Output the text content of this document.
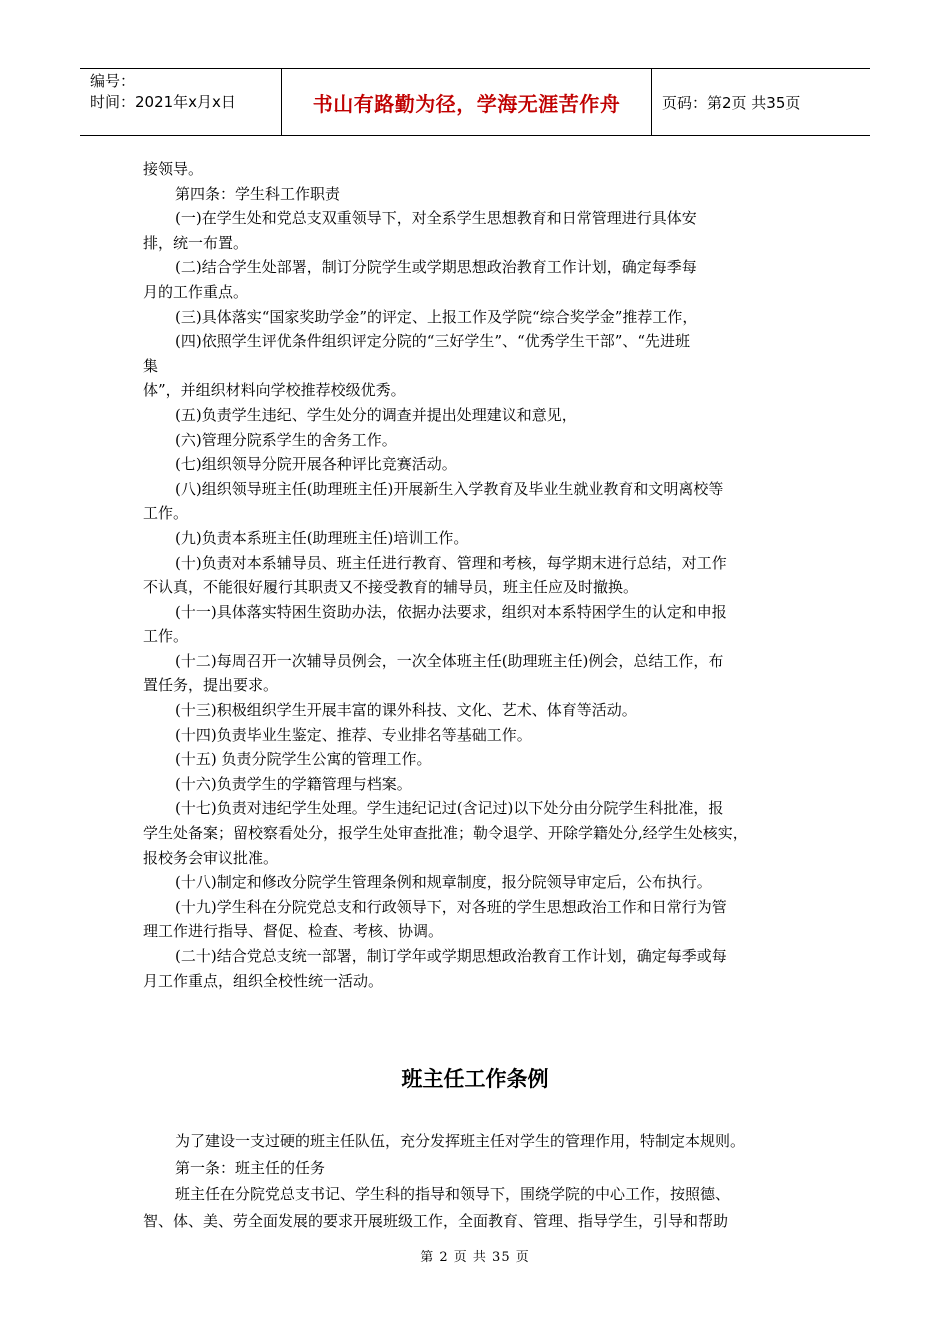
编号：
时间：2021年x月x日	书山有路勤为径，学海无涯苦作舟	页码：第2页 共35页

接领导。

第四条：学生科工作职责

(一)在学生处和党总支双重领导下，对全系学生思想教育和日常管理进行具体安

排，统一布置。

(二)结合学生处部署，制订分院学生或学期思想政治教育工作计划，确定每季每

月的工作重点。

(三)具体落实“国家奖助学金”的评定、上报工作及学院“综合奖学金”推荐工作，

(四)依照学生评优条件组织评定分院的“三好学生”、“优秀学生干部”、“先进班

集

体”，并组织材料向学校推荐校级优秀。

(五)负责学生违纪、学生处分的调查并提出处理建议和意见，

(六)管理分院系学生的舍务工作。

(七)组织领导分院开展各种评比竞赛活动。

(八)组织领导班主任(助理班主任)开展新生入学教育及毕业生就业教育和文明离校等

工作。

(九)负责本系班主任(助理班主任)培训工作。

(十)负责对本系辅导员、班主任进行教育、管理和考核，每学期末进行总结，对工作

不认真，不能很好履行其职责又不接受教育的辅导员，班主任应及时撤换。

(十一)具体落实特困生资助办法，依据办法要求，组织对本系特困学生的认定和申报

工作。

(十二)每周召开一次辅导员例会，一次全体班主任(助理班主任)例会，总结工作，布

置任务，提出要求。

(十三)积极组织学生开展丰富的课外科技、文化、艺术、体育等活动。

(十四)负责毕业生鉴定、推荐、专业排名等基础工作。

(十五) 负责分院学生公寓的管理工作。

(十六)负责学生的学籍管理与档案。

(十七)负责对违纪学生处理。学生违纪记过(含记过)以下处分由分院学生科批准，报

学生处备案；留校察看处分，报学生处审查批准；勒令退学、开除学籍处分,经学生处核实，

报校务会审议批准。

(十八)制定和修改分院学生管理条例和规章制度，报分院领导审定后，公布执行。

(十九)学生科在分院党总支和行政领导下，对各班的学生思想政治工作和日常行为管

理工作进行指导、督促、检查、考核、协调。

(二十)结合党总支统一部署，制订学年或学期思想政治教育工作计划，确定每季或每

月工作重点，组织全校性统一活动。

班主任工作条例

为了建设一支过硬的班主任队伍，充分发挥班主任对学生的管理作用，特制定本规则。

第一条：班主任的任务

班主任在分院党总支书记、学生科的指导和领导下，围绕学院的中心工作，按照德、

智、体、美、劳全面发展的要求开展班级工作，全面教育、管理、指导学生，引导和帮助

第 2 页 共 35 页
